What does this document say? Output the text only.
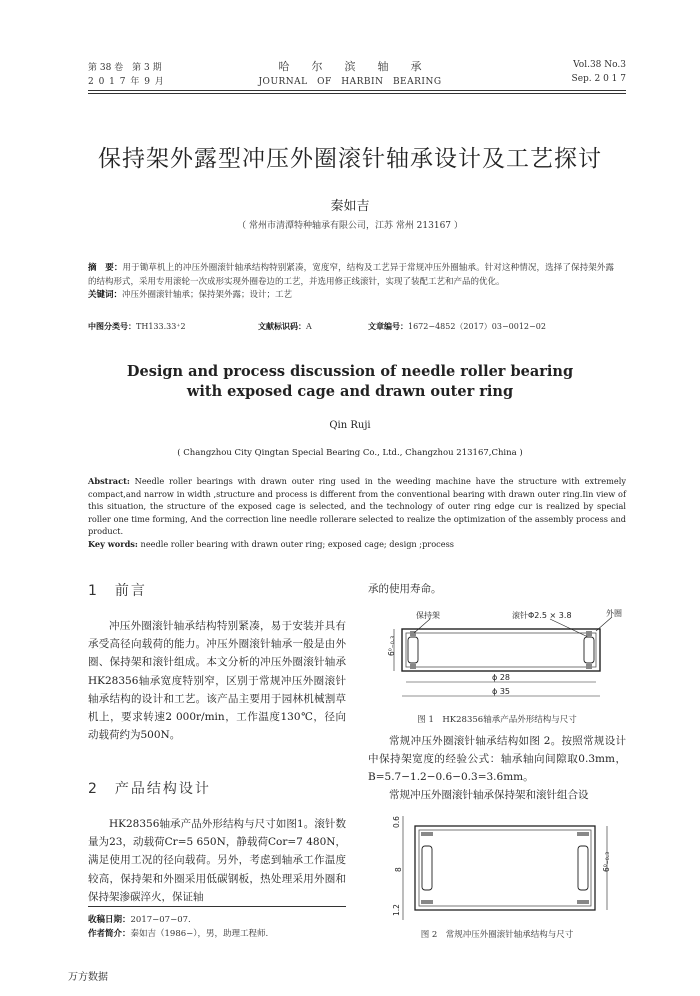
第 38 卷　第 3 期
2 0 1 7 年 9 月
哈　　尔　　滨　　轴　　承
JOURNAL　OF　HARBIN　BEARING
Vol.38 No.3
Sep. 2 0 1 7
保持架外露型冲压外圈滚针轴承设计及工艺探讨
秦如吉
（ 常州市清潭特种轴承有限公司，江苏 常州 213167 ）
摘　要：用于锄草机上的冲压外圈滚针轴承结构特别紧凑，宽度窄，结构及工艺异于常规冲压外圈轴承。针对这种情况，选择了保持架外露的结构形式，采用专用滚轮一次成形实现外圈卷边的工艺，并选用修正线滚针，实现了装配工艺和产品的优化。
关键词：冲压外圈滚针轴承；保持架外露；设计；工艺
中图分类号：TH133.33⁺2	文献标识码：A	文章编号：1672−4852（2017）03−0012−02
Design and process discussion of needle roller bearing
with exposed cage and drawn outer ring
Qin Ruji
( Changzhou City Qingtan Special Bearing Co., Ltd., Changzhou 213167,China )
Abstract: Needle roller bearings with drawn outer ring used in the weeding machine have the structure with extremely compact,and narrow in width ,structure and process is different from the conventional bearing with drawn outer ring.Iin view of this situation, the structure of the exposed cage is selected, and the technology of outer ring edge cur is realized by special roller one time forming, And the correction line needle rollerare selected to realize the optimization of the assembly process and product.
Key words: needle roller bearing with drawn outer ring; exposed cage; design ;process
1　前言
冲压外圈滚针轴承结构特别紧凑，易于安装并具有承受高径向载荷的能力。冲压外圈滚针轴承一般是由外圈、保持架和滚针组成。本文分析的冲压外圈滚针轴承HK28356轴承宽度特别窄，区别于常规冲压外圈滚针轴承结构的设计和工艺。该产品主要用于园林机械割草机上，要求转速2 000r/min，工作温度130℃，径向动载荷约为500N。
2　产品结构设计
HK28356轴承产品外形结构与尺寸如图1。滚针数量为23，动载荷Cr=5 650N，静载荷Cor=7 480N，满足使用工况的径向载荷。另外，考虑到轴承工作温度较高，保持架和外圈采用低碳钢板，热处理采用外圈和保持架渗碳淬火，保证轴
收稿日期：2017−07−07.
作者简介：秦如吉（1986−），男，助理工程师.
承的使用寿命。
保持架	滚针Φ2.5 × 3.8	外圈
6⁰₋₀.₃
ϕ 28
ϕ 35
图 1　HK28356轴承产品外形结构与尺寸
常规冲压外圈滚针轴承结构如图 2。按照常规设计中保持架宽度的经验公式：轴承轴向间隙取0.3mm，B=5.7−1.2−0.6−0.3=3.6mm。
常规冲压外圈滚针轴承保持架和滚针组合设
0.6
8
1.2
6⁰₋₀.₃
图 2　常规冲压外圈滚针轴承结构与尺寸
万方数据
